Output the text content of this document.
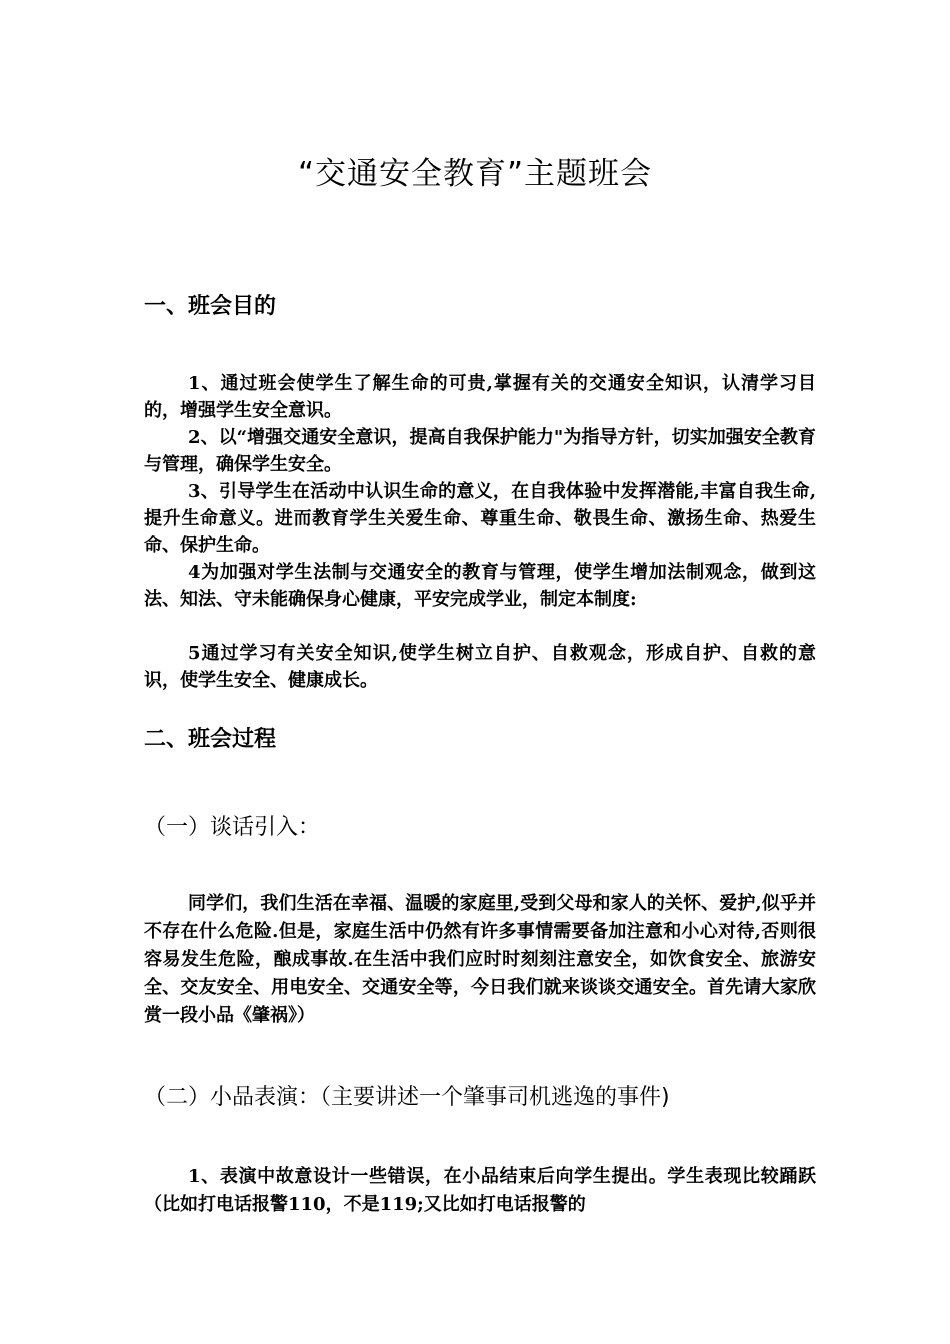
“交通安全教育”主题班会
一、班会目的

1、通过班会使学生了解生命的可贵,掌握有关的交通安全知识，认清学习目的，增强学生安全意识。

2、以“增强交通安全意识，提高自我保护能力"为指导方针，切实加强安全教育与管理，确保学生安全。

3、引导学生在活动中认识生命的意义，在自我体验中发挥潜能,丰富自我生命,提升生命意义。进而教育学生关爱生命、尊重生命、敬畏生命、激扬生命、热爱生命、保护生命。

4为加强对学生法制与交通安全的教育与管理，使学生增加法制观念，做到这法、知法、守未能确保身心健康，平安完成学业，制定本制度:

5通过学习有关安全知识,使学生树立自护、自救观念，形成自护、自救的意识，使学生安全、健康成长。

二、班会过程
（一）谈话引入：

同学们，我们生活在幸福、温暖的家庭里,受到父母和家人的关怀、爱护,似乎并不存在什么危险.但是，家庭生活中仍然有许多事情需要备加注意和小心对待,否则很容易发生危险，酿成事故.在生活中我们应时时刻刻注意安全，如饮食安全、旅游安全、交友安全、用电安全、交通安全等，今日我们就来谈谈交通安全。首先请大家欣赏一段小品《肇祸》）

（二）小品表演：（主要讲述一个肇事司机逃逸的事件)

1、表演中故意设计一些错误，在小品结束后向学生提出。学生表现比较踊跃（比如打电话报警110，不是119;又比如打电话报警的
